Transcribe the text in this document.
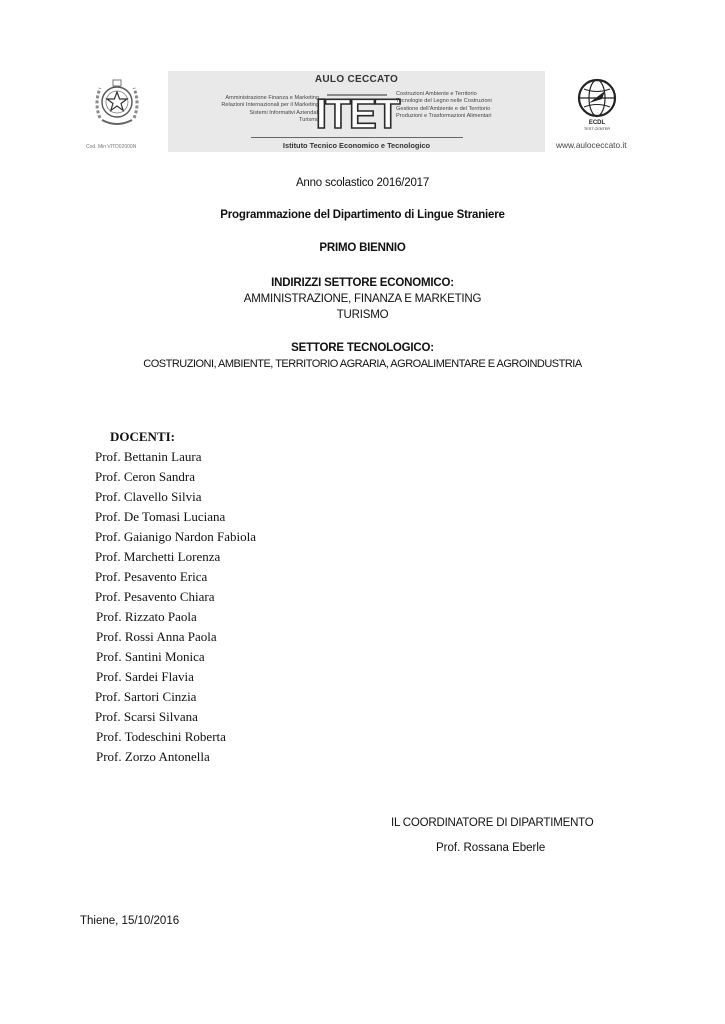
Cod. Min VITD02000N
AULO CECCATO
Amministrazione Finanza e Marketing
Relazioni Internazionali per il Marketing
Sistemi Informativi Aziendali
Turismo
ITET
Costruzioni Ambiente e Territorio
Tecnologie del Legno nelle Costruzioni
Gestione dell'Ambiente e del Territorio
Produzioni e Trasformazioni Alimentari
Istituto Tecnico Economico e Tecnologico
ECDL
TEST CENTER
www.auloceccato.it
Anno scolastico 2016/2017
Programmazione del Dipartimento di Lingue Straniere
PRIMO BIENNIO
INDIRIZZI SETTORE ECONOMICO:
AMMINISTRAZIONE, FINANZA E MARKETING
TURISMO
SETTORE TECNOLOGICO:
COSTRUZIONI, AMBIENTE, TERRITORIO AGRARIA, AGROALIMENTARE E AGROINDUSTRIA
DOCENTI:
Prof. Bettanin Laura
Prof. Ceron Sandra
Prof. Clavello Silvia
Prof. De Tomasi Luciana
Prof. Gaianigo Nardon Fabiola
Prof. Marchetti Lorenza
Prof. Pesavento Erica
Prof. Pesavento Chiara
Prof. Rizzato Paola
Prof. Rossi Anna Paola
Prof. Santini Monica
Prof. Sardei Flavia
Prof. Sartori Cinzia
Prof. Scarsi Silvana
Prof. Todeschini Roberta
Prof. Zorzo Antonella
IL COORDINATORE DI DIPARTIMENTO
Prof. Rossana Eberle
Thiene, 15/10/2016
